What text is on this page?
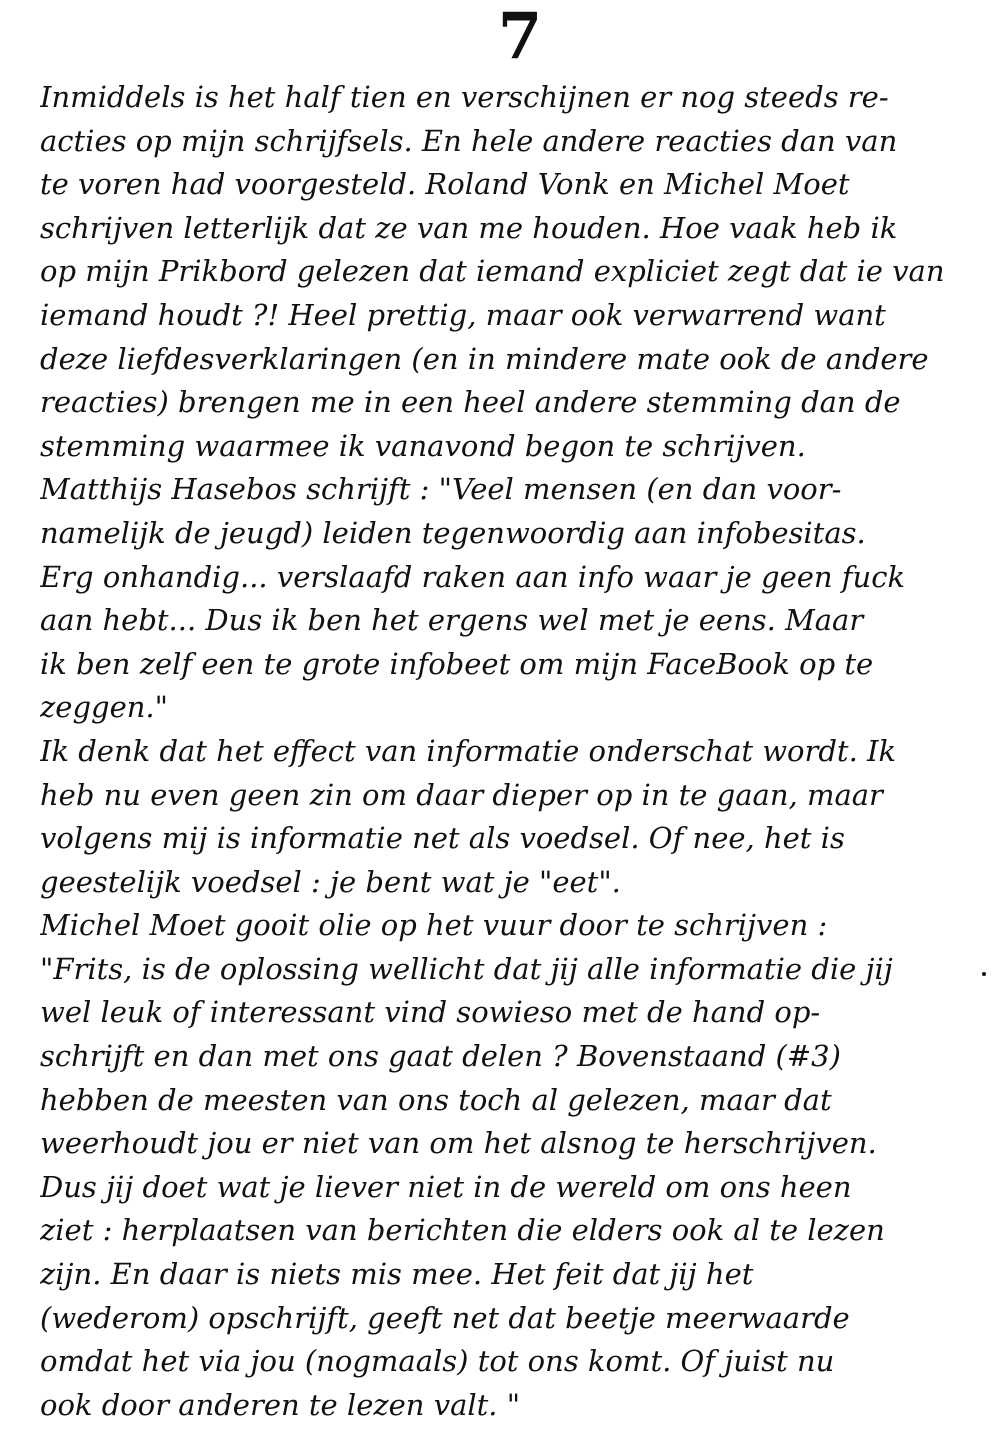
7
Inmiddels is het half tien en verschijnen er nog steeds re-
acties op mijn schrijfsels. En hele andere reacties dan van
te voren had voorgesteld. Roland Vonk en Michel Moet
schrijven letterlijk dat ze van me houden. Hoe vaak heb ik
op mijn Prikbord gelezen dat iemand expliciet zegt dat ie van
iemand houdt ?! Heel prettig, maar ook verwarrend want
deze liefdesverklaringen (en in mindere mate ook de andere
reacties) brengen me in een heel andere stemming dan de
stemming waarmee ik vanavond begon te schrijven.
Matthijs Hasebos schrijft : "Veel mensen (en dan voor-
namelijk de jeugd) leiden tegenwoordig aan infobesitas.
Erg onhandig... verslaafd raken aan info waar je geen fuck
aan hebt... Dus ik ben het ergens wel met je eens. Maar
ik ben zelf een te grote infobeet om mijn FaceBook op te
zeggen."
Ik denk dat het effect van informatie onderschat wordt. Ik
heb nu even geen zin om daar dieper op in te gaan, maar
volgens mij is informatie net als voedsel. Of nee, het is
geestelijk voedsel : je bent wat je "eet".
Michel Moet gooit olie op het vuur door te schrijven :
"Frits, is de oplossing wellicht dat jij alle informatie die jij
wel leuk of interessant vind sowieso met de hand op-
schrijft en dan met ons gaat delen ? Bovenstaand (#3)
hebben de meesten van ons toch al gelezen, maar dat
weerhoudt jou er niet van om het alsnog te herschrijven.
Dus jij doet wat je liever niet in de wereld om ons heen
ziet : herplaatsen van berichten die elders ook al te lezen
zijn. En daar is niets mis mee. Het feit dat jij het
(wederom) opschrijft, geeft net dat beetje meerwaarde
omdat het via jou (nogmaals) tot ons komt. Of juist nu
ook door anderen te lezen valt. "
